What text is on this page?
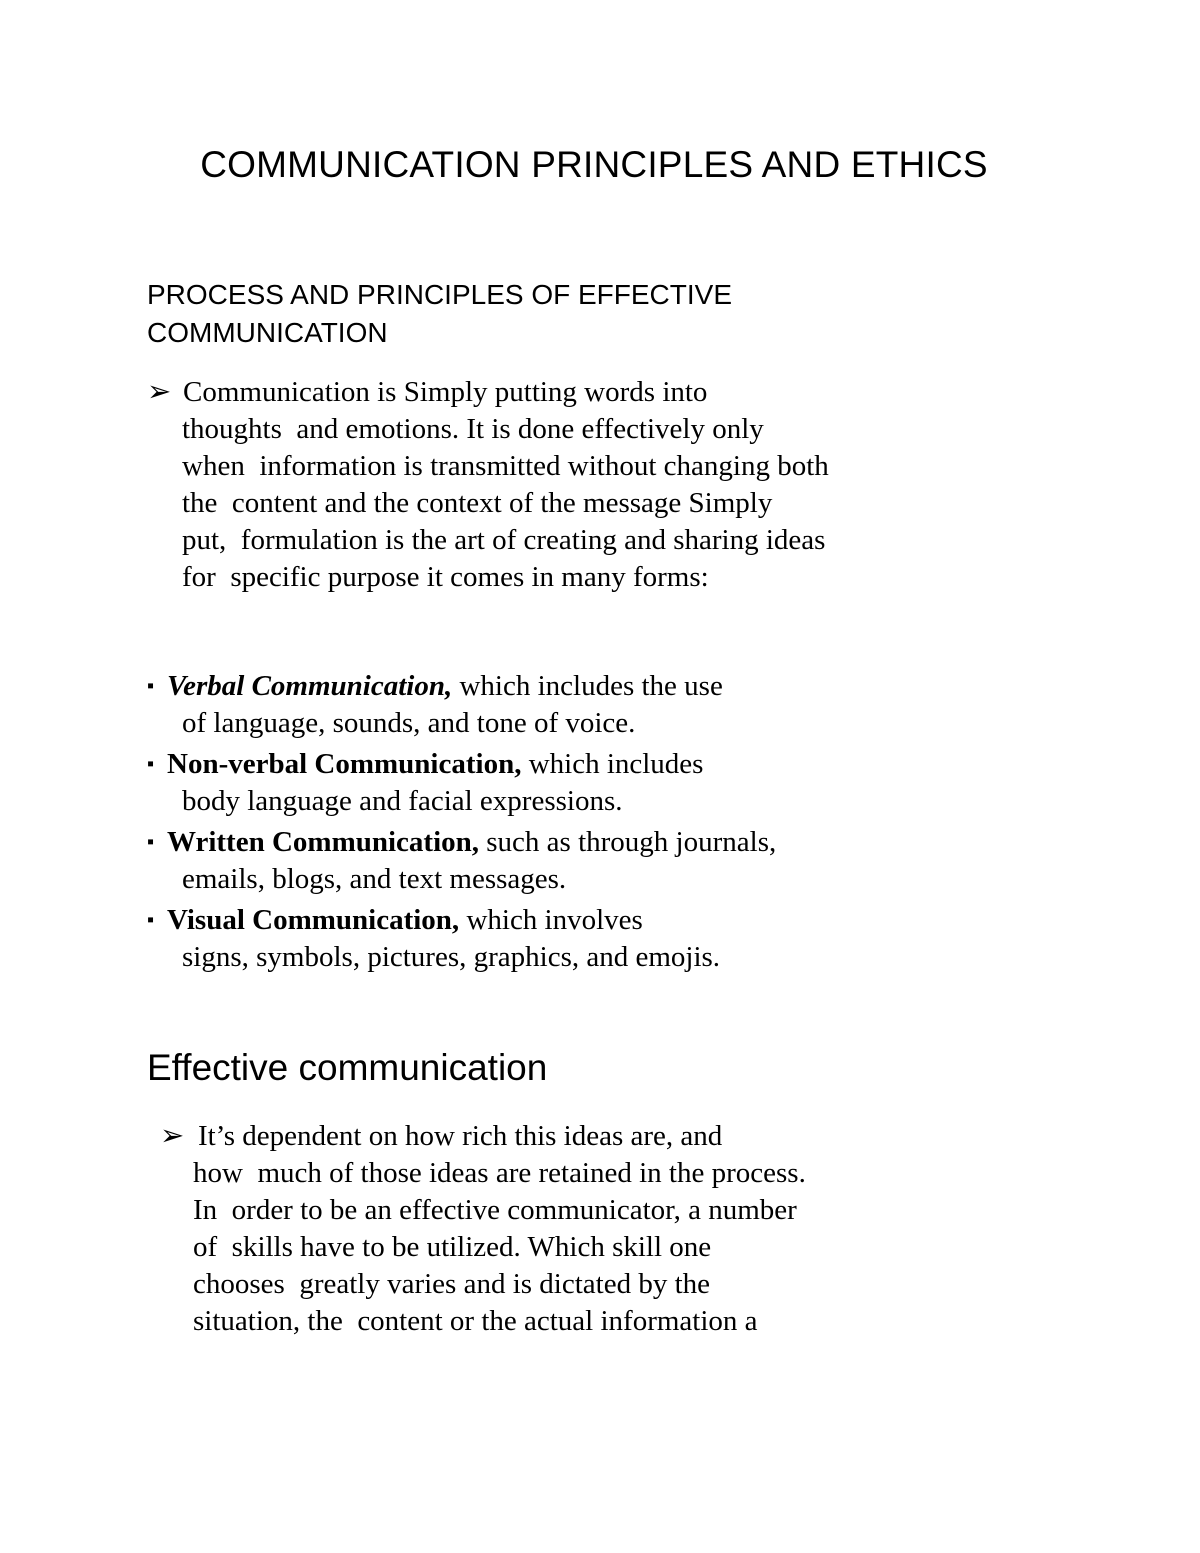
COMMUNICATION PRINCIPLES AND ETHICS
PROCESS AND PRINCIPLES OF EFFECTIVE
COMMUNICATION
➢ Communication is Simply putting words into
thoughts  and emotions. It is done effectively only
when  information is transmitted without changing both
the  content and the context of the message Simply
put,  formulation is the art of creating and sharing ideas
for  specific purpose it comes in many forms:
▪ Verbal Communication, which includes the use
of language, sounds, and tone of voice.
▪ Non-verbal Communication, which includes
body language and facial expressions.
▪ Written Communication, such as through journals,
emails, blogs, and text messages.
▪ Visual Communication, which involves
signs, symbols, pictures, graphics, and emojis.
Effective communication
➢ It’s dependent on how rich this ideas are, and
how  much of those ideas are retained in the process.
In  order to be an effective communicator, a number
of  skills have to be utilized. Which skill one
chooses  greatly varies and is dictated by the
situation, the  content or the actual information a
